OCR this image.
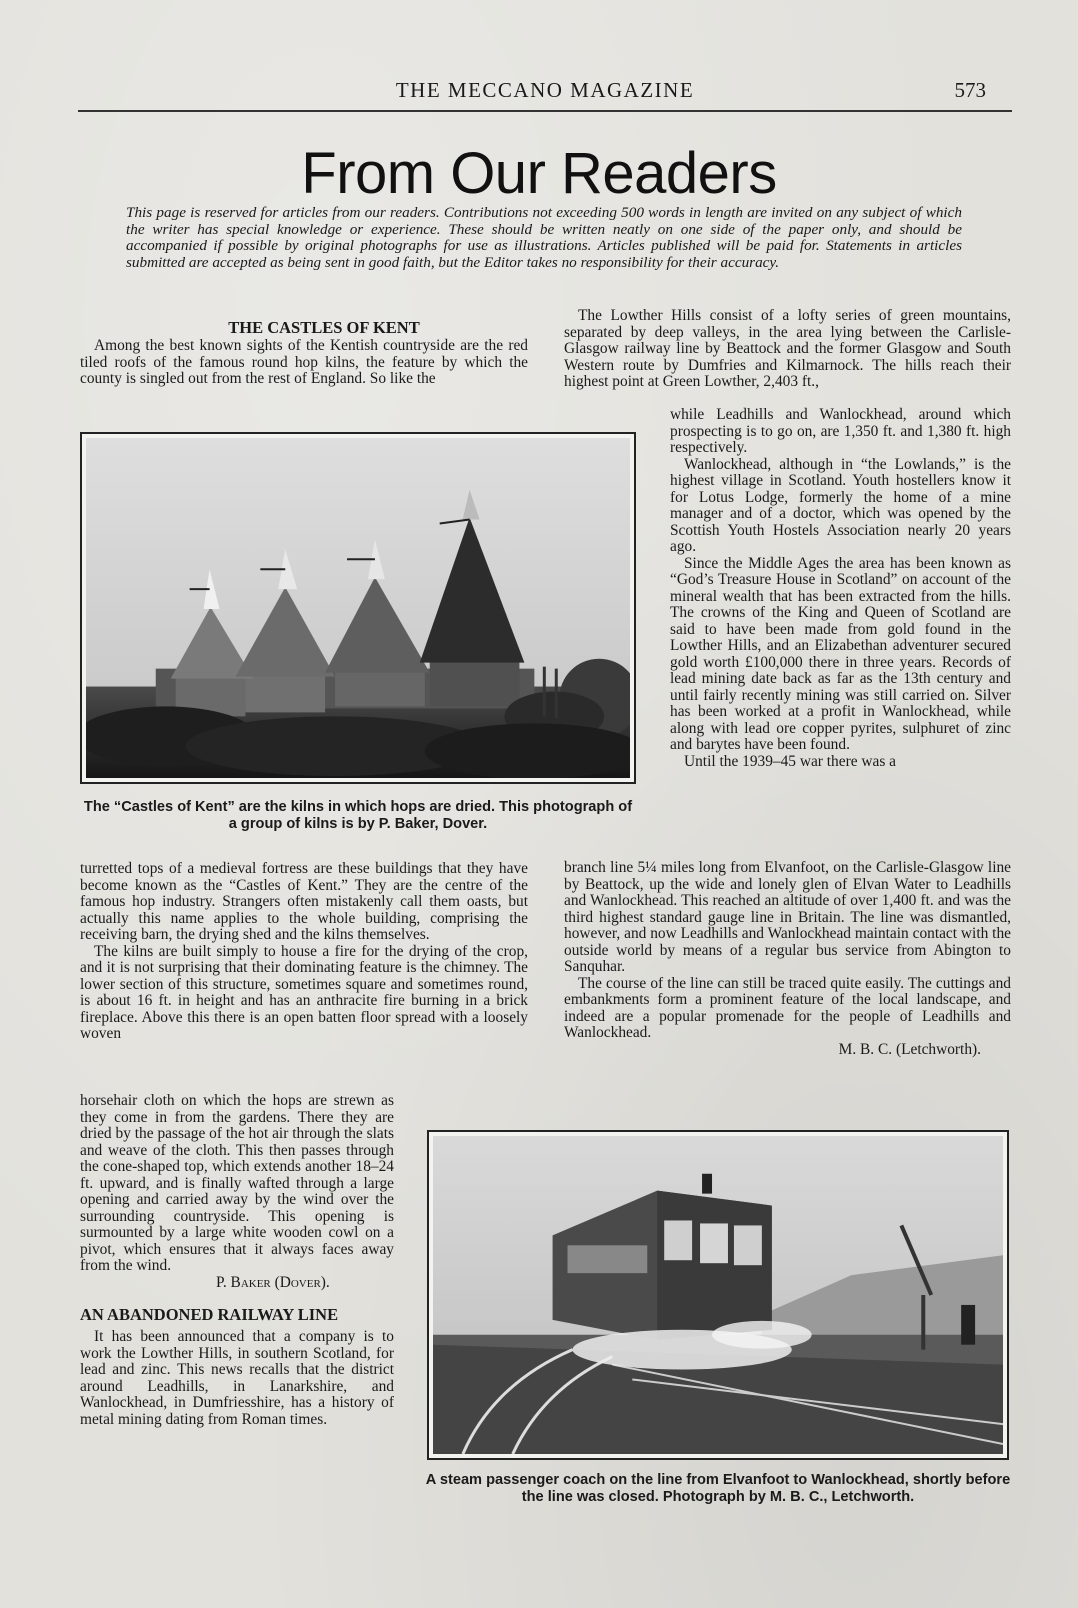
THE MECCANO MAGAZINE	573
From Our Readers
This page is reserved for articles from our readers. Contributions not exceeding 500 words in length are invited on any subject of which the writer has special knowledge or experience. These should be written neatly on one side of the paper only, and should be accompanied if possible by original photographs for use as illustrations. Articles published will be paid for. Statements in articles submitted are accepted as being sent in good faith, but the Editor takes no responsibility for their accuracy.
THE CASTLES OF KENT

Among the best known sights of the Kentish countryside are the red tiled roofs of the famous round hop kilns, the feature by which the county is singled out from the rest of England. So like the

The “Castles of Kent” are the kilns in which hops are dried. This photograph of a group of kilns is by P. Baker, Dover.

turretted tops of a medieval fortress are these buildings that they have become known as the “Castles of Kent.” They are the centre of the famous hop industry. Strangers often mistakenly call them oasts, but actually this name applies to the whole building, comprising the receiving barn, the drying shed and the kilns themselves.

The kilns are built simply to house a fire for the drying of the crop, and it is not surprising that their dominating feature is the chimney. The lower section of this structure, sometimes square and sometimes round, is about 16 ft. in height and has an anthracite fire burning in a brick fireplace. Above this there is an open batten floor spread with a loosely woven

horsehair cloth on which the hops are strewn as they come in from the gardens. There they are dried by the passage of the hot air through the slats and weave of the cloth. This then passes through the cone-shaped top, which extends another 18–24 ft. upward, and is finally wafted through a large opening and carried away by the wind over the surrounding countryside. This opening is surmounted by a large white wooden cowl on a pivot, which ensures that it always faces away from the wind.

P. Baker (Dover).
AN ABANDONED RAILWAY LINE

It has been announced that a company is to work the Lowther Hills, in southern Scotland, for lead and zinc. This news recalls that the district around Leadhills, in Lanarkshire, and Wanlockhead, in Dumfriesshire, has a history of metal mining dating from Roman times.

The Lowther Hills consist of a lofty series of green mountains, separated by deep valleys, in the area lying between the Carlisle-Glasgow railway line by Beattock and the former Glasgow and South Western route by Dumfries and Kilmarnock. The hills reach their highest point at Green Lowther, 2,403 ft.,

while Leadhills and Wanlockhead, around which prospecting is to go on, are 1,350 ft. and 1,380 ft. high respectively.

Wanlockhead, although in “the Lowlands,” is the highest village in Scotland. Youth hostellers know it for Lotus Lodge, formerly the home of a mine manager and of a doctor, which was opened by the Scottish Youth Hostels Association nearly 20 years ago.

Since the Middle Ages the area has been known as “God’s Treasure House in Scotland” on account of the mineral wealth that has been extracted from the hills. The crowns of the King and Queen of Scotland are said to have been made from gold found in the Lowther Hills, and an Elizabethan adventurer secured gold worth £100,000 there in three years. Records of lead mining date back as far as the 13th century and until fairly recently mining was still carried on. Silver has been worked at a profit in Wanlockhead, while along with lead ore copper pyrites, sulphuret of zinc and barytes have been found.

Until the 1939–45 war there was a

branch line 5¼ miles long from Elvanfoot, on the Carlisle-Glasgow line by Beattock, up the wide and lonely glen of Elvan Water to Leadhills and Wanlockhead. This reached an altitude of over 1,400 ft. and was the third highest standard gauge line in Britain. The line was dismantled, however, and now Leadhills and Wanlockhead maintain contact with the outside world by means of a regular bus service from Abington to Sanquhar.

The course of the line can still be traced quite easily. The cuttings and embankments form a prominent feature of the local landscape, and indeed are a popular promenade for the people of Leadhills and Wanlockhead.

M. B. C. (Letchworth).
A steam passenger coach on the line from Elvanfoot to Wanlockhead, shortly before the line was closed. Photograph by M. B. C., Letchworth.
